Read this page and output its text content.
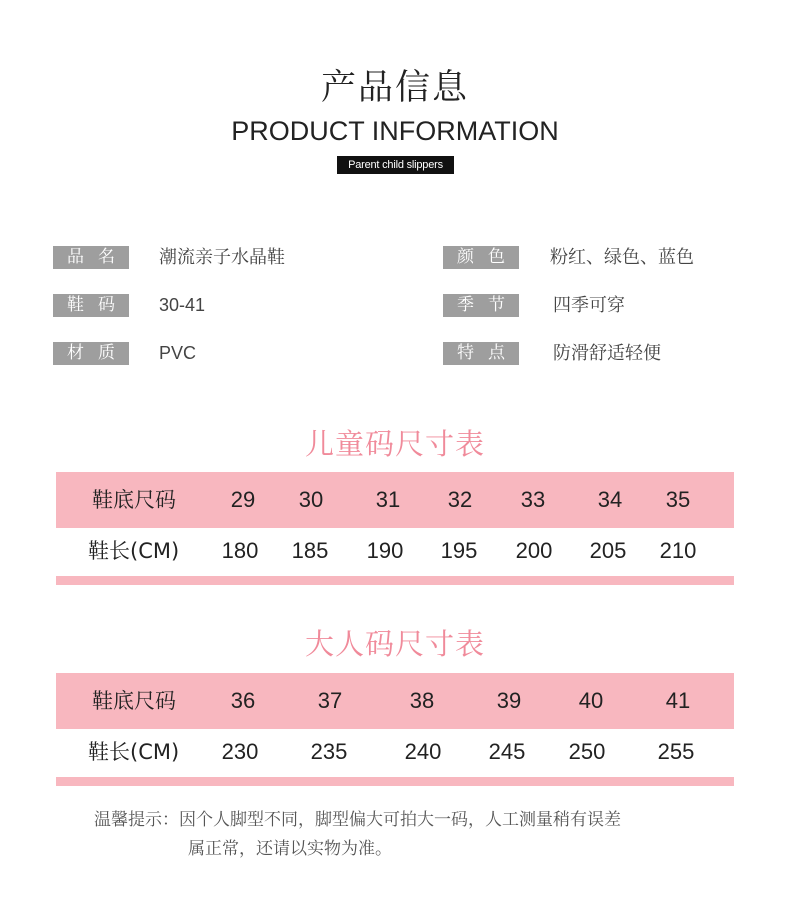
产品信息
PRODUCT INFORMATION
Parent child slippers
品名 潮流亲子水晶鞋	颜色 粉红、绿色、蓝色
鞋码 30-41	季节 四季可穿
材质 PVC	特点 防滑舒适轻便
儿童码尺寸表
鞋底尺码	29	30	31	32	33	34	35
鞋长(CM)	180	185	190	195	200	205	210
大人码尺寸表
鞋底尺码	36	37	38	39	40	41
鞋长(CM)	230	235	240	245	250	255
温馨提示：因个人脚型不同，脚型偏大可拍大一码，人工测量稍有误差
属正常，还请以实物为准。
